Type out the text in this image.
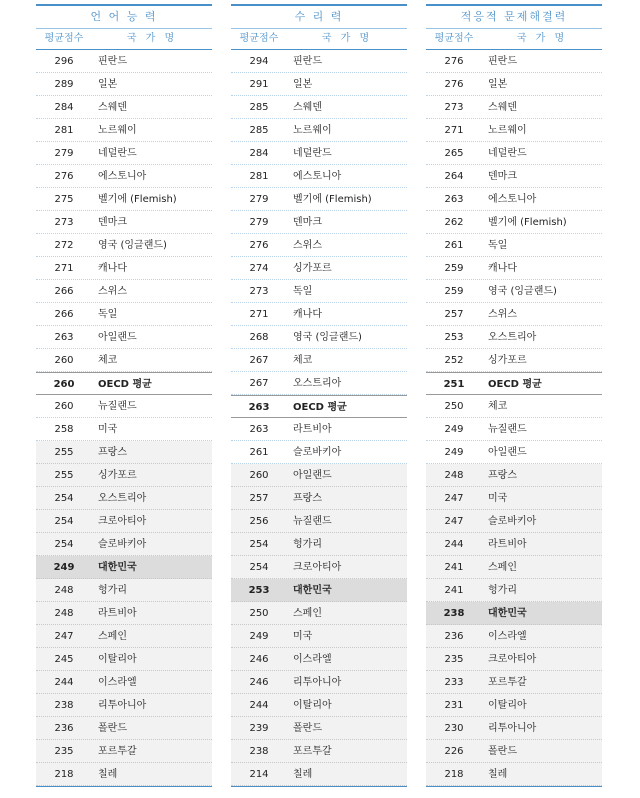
언 어 능 력
평균점수	국 가 명
296	핀란드
289	일본
284	스웨덴
281	노르웨이
279	네덜란드
276	에스토니아
275	벨기에 (Flemish)
273	덴마크
272	영국 (잉글랜드)
271	캐나다
266	스위스
266	독일
263	아일랜드
260	체코
260	OECD 평균
260	뉴질랜드
258	미국
255	프랑스
255	싱가포르
254	오스트리아
254	크로아티아
254	슬로바키아
249	대한민국
248	헝가리
248	라트비아
247	스페인
245	이탈리아
244	이스라엘
238	리투아니아
236	폴란드
235	포르투갈
218	칠레
수 리 력
평균점수	국 가 명
294	핀란드
291	일본
285	스웨덴
285	노르웨이
284	네덜란드
281	에스토니아
279	벨기에 (Flemish)
279	덴마크
276	스위스
274	싱가포르
273	독일
271	캐나다
268	영국 (잉글랜드)
267	체코
267	오스트리아
263	OECD 평균
263	라트비아
261	슬로바키아
260	아일랜드
257	프랑스
256	뉴질랜드
254	헝가리
254	크로아티아
253	대한민국
250	스페인
249	미국
246	이스라엘
246	리투아니아
244	이탈리아
239	폴란드
238	포르투갈
214	칠레
적응적 문제해결력
평균점수	국 가 명
276	핀란드
276	일본
273	스웨덴
271	노르웨이
265	네덜란드
264	덴마크
263	에스토니아
262	벨기에 (Flemish)
261	독일
259	캐나다
259	영국 (잉글랜드)
257	스위스
253	오스트리아
252	싱가포르
251	OECD 평균
250	체코
249	뉴질랜드
249	아일랜드
248	프랑스
247	미국
247	슬로바키아
244	라트비아
241	스페인
241	헝가리
238	대한민국
236	이스라엘
235	크로아티아
233	포르투갈
231	이탈리아
230	리투아니아
226	폴란드
218	칠레
